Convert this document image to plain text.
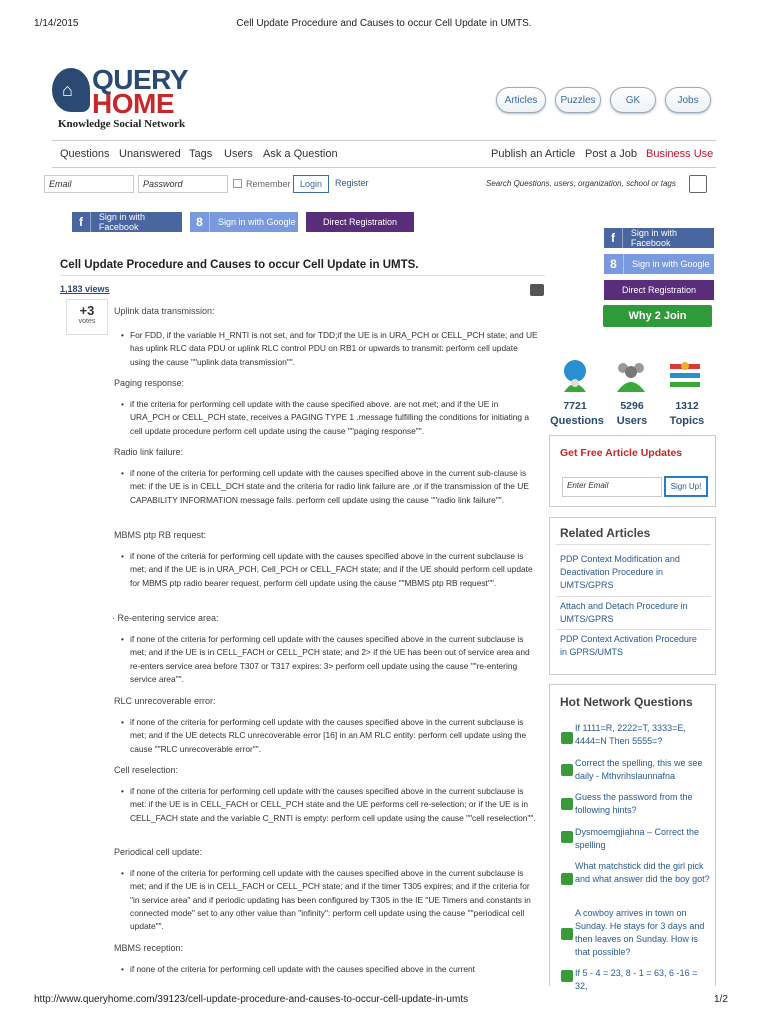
1/14/2015	Cell Update Procedure and Causes to occur Cell Update in UMTS.
⌂ QUERY
HOME
Knowledge Social Network
Articles	Puzzles	GK	Jobs
Questions Unanswered Tags Users Ask a Question	Publish an Article Post a Job Business Use
Email	Password	Remember	Login	Register	Search Questions, users, organization, school or tags
f	Sign in with Facebook	8	Sign in with Google	Direct Registration
Cell Update Procedure and Causes to occur Cell Update in UMTS.
1,183 views
+3
votes
Uplink data transmission:
• For FDD, if the variable H_RNTI is not set, and for TDD;if the UE is in URA_PCH or CELL_PCH state; and UE has uplink RLC data PDU or uplink RLC control PDU on RB1 or upwards to transmit: perform cell update using the cause ""uplink data transmission"".
Paging response:
• if the criteria for performing cell update with the cause specified above. are not met; and if the UE in URA_PCH or CELL_PCH state, receives a PAGING TYPE 1 .message fulfilling the conditions for initiating a cell update procedure perform cell update using the cause ""paging response"".
Radio link failure:
• if none of the criteria for performing cell update with the causes specified above in the current sub-clause is met: if the UE is in CELL_DCH state and the criteria for radio link failure are ,or if the transmission of the UE CAPABILITY INFORMATION message fails. perform cell update using the cause ""radio link failure"".
MBMS ptp RB request:
• if none of the criteria for performing cell update with the causes specified above in the current subclause is met; and if the UE is in URA_PCH, Cell_PCH or CELL_FACH state; and if the UE should perform cell update for MBMS ptp radio bearer request, perform cell update using the cause ""MBMS ptp RB request"".
· Re-entering service area:
• if none of the criteria for performing cell update with the causes specified above in the current subclause is met; and if the UE is in CELL_FACH or CELL_PCH state; and 2> if the UE has been out of service area and re-enters service area before T307 or T317 expires: 3> perform cell update using the cause ""re-entering service area"".
RLC unrecoverable error:
• if none of the criteria for performing cell update with the causes specified above in the current subclause is met; and if the UE detects RLC unrecoverable error [16] in an AM RLC entity: perform cell update using the cause ""RLC unrecoverable error"".
Cell reselection:
• if none of the criteria for performing cell update with the causes specified above in the current subclause is met: if the UE is in CELL_FACH or CELL_PCH state and the UE performs cell re-selection; or if the UE is in CELL_FACH state and the variable C_RNTI is empty: perform cell update using the cause ""cell reselection"".
Periodical cell update:
• if none of the criteria for performing cell update with the causes specified above in the current subclause is met; and if the UE is in CELL_FACH or CELL_PCH state; and if the timer T305 expires; and if the criteria for "in service area" and if periodic updating has been configured by T305 in the IE "UE Timers and constants in connected mode" set to any other value than "infinity": perform cell update using the cause ""periodical cell update"".
MBMS reception:
• if none of the criteria for performing cell update with the causes specified above in the current
f	Sign in with Facebook
8	Sign in with Google
Direct Registration
Why 2 Join
7721
Questions
5296
Users
1312
Topics
Get Free Article Updates
Enter Email	Sign Up!
Related Articles
PDP Context Modification and Deactivation Procedure in UMTS/GPRS
Attach and Detach Procedure in UMTS/GPRS
PDP Context Activation Procedure in GPRS/UMTS
Hot Network Questions
If 1111=R, 2222=T, 3333=E, 4444=N Then 5555=?
Correct the spelling, this we see daily - Mthvrihslaunnafna
Guess the password from the following hints?
Dysmoemgjiahna – Correct the spelling
What matchstick did the girl pick and what answer did the boy got?
A cowboy arrives in town on Sunday. He stays for 3 days and then leaves on Sunday. How is that possible?
If 5 - 4 = 23, 8 - 1 = 63, 6 -16 = 32,
http://www.queryhome.com/39123/cell-update-procedure-and-causes-to-occur-cell-update-in-umts	1/2
